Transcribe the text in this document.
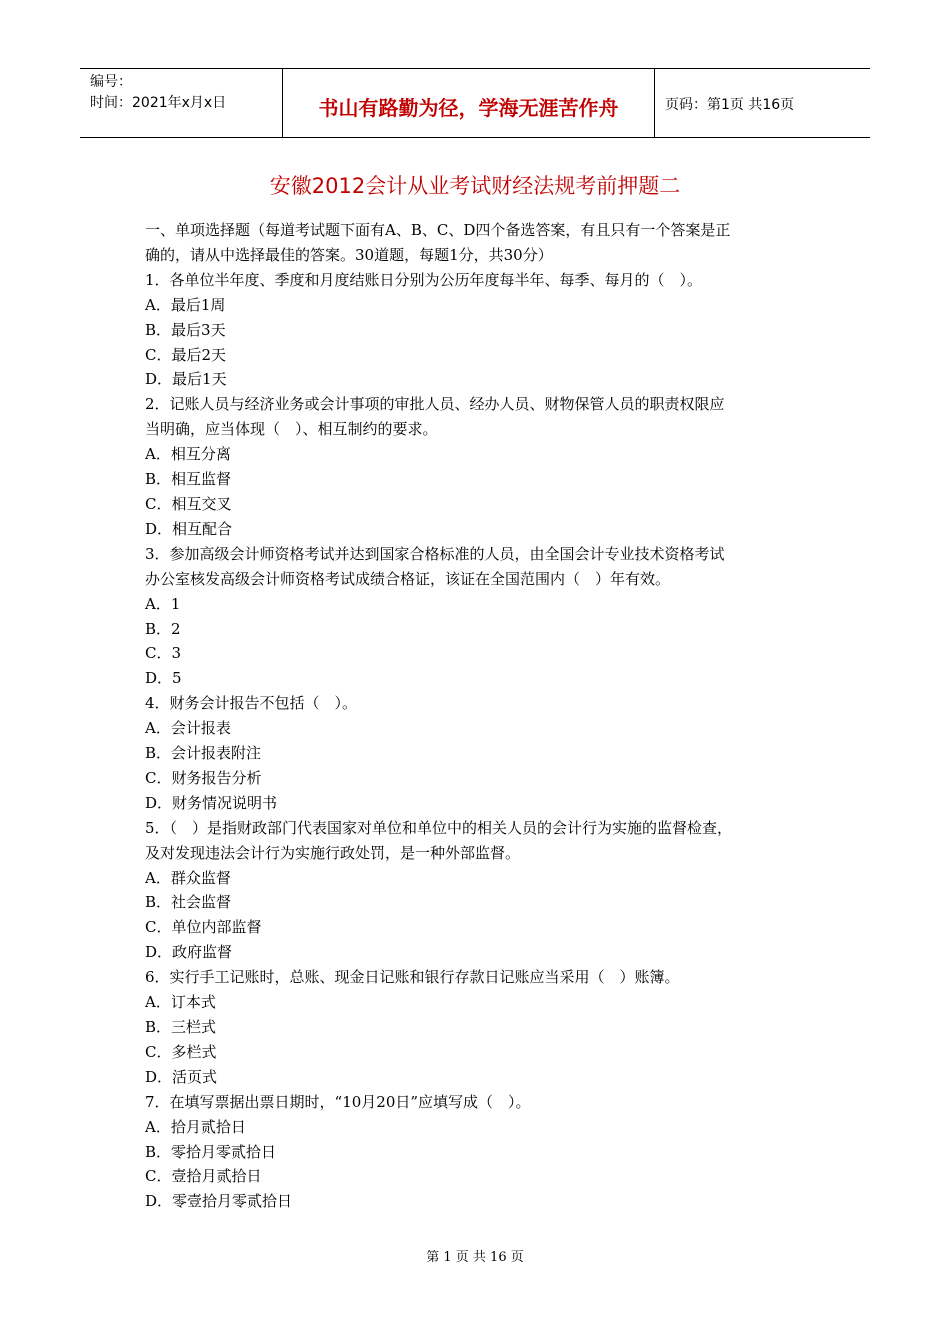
编号：
时间：2021年x月x日	书山有路勤为径，学海无涯苦作舟	页码：第1页 共16页
安徽2012会计从业考试财经法规考前押题二

一、单项选择题（每道考试题下面有A、B、C、D四个备选答案，有且只有一个答案是正

确的，请从中选择最佳的答案。30道题，每题1分，共30分）

1．各单位半年度、季度和月度结账日分别为公历年度每半年、每季、每月的（　）。

A．最后1周

B．最后3天

C．最后2天

D．最后1天

2．记账人员与经济业务或会计事项的审批人员、经办人员、财物保管人员的职责权限应

当明确，应当体现（　）、相互制约的要求。

A．相互分离

B．相互监督

C．相互交叉

D．相互配合

3．参加高级会计师资格考试并达到国家合格标准的人员，由全国会计专业技术资格考试

办公室核发高级会计师资格考试成绩合格证，该证在全国范围内（　）年有效。

A．1

B．2

C．3

D．5

4．财务会计报告不包括（　）。

A．会计报表

B．会计报表附注

C．财务报告分析

D．财务情况说明书

5．（　）是指财政部门代表国家对单位和单位中的相关人员的会计行为实施的监督检查，

及对发现违法会计行为实施行政处罚，是一种外部监督。

A．群众监督

B．社会监督

C．单位内部监督

D．政府监督

6．实行手工记账时，总账、现金日记账和银行存款日记账应当采用（　）账簿。

A．订本式

B．三栏式

C．多栏式

D．活页式

7．在填写票据出票日期时，“10月20日”应填写成（　）。

A．拾月贰拾日

B．零拾月零贰拾日

C．壹拾月贰拾日

D．零壹拾月零贰拾日

第 1 页 共 16 页
